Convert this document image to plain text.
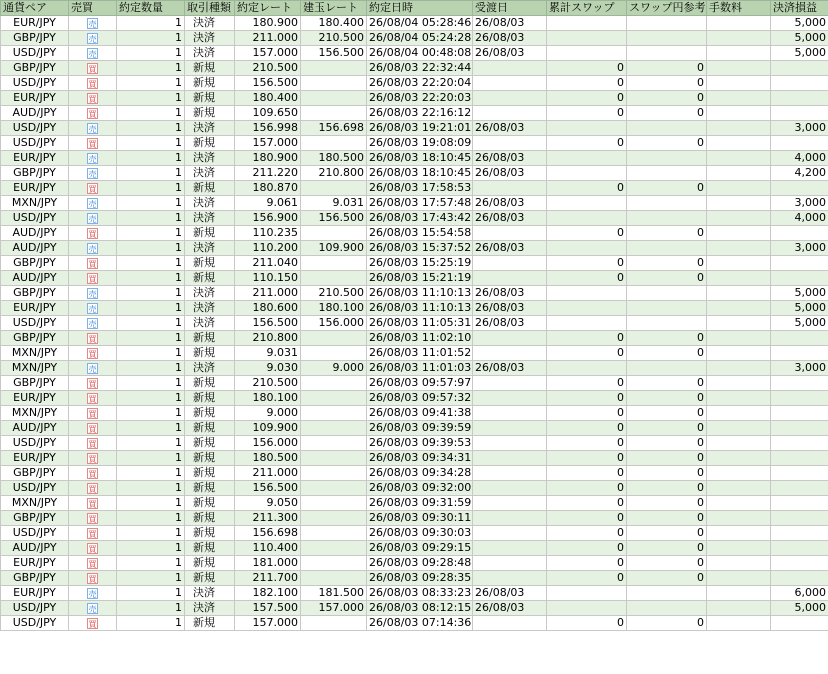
通貨ペア	売買	約定数量	取引種類	約定レート	建玉レート	約定日時	受渡日	累計スワップ	スワップ円参考	手数料	決済損益
EUR/JPY	売	1	決済	180.900	180.400	26/08/04 05:28:46	26/08/03				5,000
GBP/JPY	売	1	決済	211.000	210.500	26/08/04 05:24:28	26/08/03				5,000
USD/JPY	売	1	決済	157.000	156.500	26/08/04 00:48:08	26/08/03				5,000
GBP/JPY	買	1	新規	210.500		26/08/03 22:32:44		0	0		
USD/JPY	買	1	新規	156.500		26/08/03 22:20:04		0	0		
EUR/JPY	買	1	新規	180.400		26/08/03 22:20:03		0	0		
AUD/JPY	買	1	新規	109.650		26/08/03 22:16:12		0	0		
USD/JPY	売	1	決済	156.998	156.698	26/08/03 19:21:01	26/08/03				3,000
USD/JPY	買	1	新規	157.000		26/08/03 19:08:09		0	0		
EUR/JPY	売	1	決済	180.900	180.500	26/08/03 18:10:45	26/08/03				4,000
GBP/JPY	売	1	決済	211.220	210.800	26/08/03 18:10:45	26/08/03				4,200
EUR/JPY	買	1	新規	180.870		26/08/03 17:58:53		0	0		
MXN/JPY	売	1	決済	9.061	9.031	26/08/03 17:57:48	26/08/03				3,000
USD/JPY	売	1	決済	156.900	156.500	26/08/03 17:43:42	26/08/03				4,000
AUD/JPY	買	1	新規	110.235		26/08/03 15:54:58		0	0		
AUD/JPY	売	1	決済	110.200	109.900	26/08/03 15:37:52	26/08/03				3,000
GBP/JPY	買	1	新規	211.040		26/08/03 15:25:19		0	0		
AUD/JPY	買	1	新規	110.150		26/08/03 15:21:19		0	0		
GBP/JPY	売	1	決済	211.000	210.500	26/08/03 11:10:13	26/08/03				5,000
EUR/JPY	売	1	決済	180.600	180.100	26/08/03 11:10:13	26/08/03				5,000
USD/JPY	売	1	決済	156.500	156.000	26/08/03 11:05:31	26/08/03				5,000
GBP/JPY	買	1	新規	210.800		26/08/03 11:02:10		0	0		
MXN/JPY	買	1	新規	9.031		26/08/03 11:01:52		0	0		
MXN/JPY	売	1	決済	9.030	9.000	26/08/03 11:01:03	26/08/03				3,000
GBP/JPY	買	1	新規	210.500		26/08/03 09:57:97		0	0		
EUR/JPY	買	1	新規	180.100		26/08/03 09:57:32		0	0		
MXN/JPY	買	1	新規	9.000		26/08/03 09:41:38		0	0		
AUD/JPY	買	1	新規	109.900		26/08/03 09:39:59		0	0		
USD/JPY	買	1	新規	156.000		26/08/03 09:39:53		0	0		
EUR/JPY	買	1	新規	180.500		26/08/03 09:34:31		0	0		
GBP/JPY	買	1	新規	211.000		26/08/03 09:34:28		0	0		
USD/JPY	買	1	新規	156.500		26/08/03 09:32:00		0	0		
MXN/JPY	買	1	新規	9.050		26/08/03 09:31:59		0	0		
GBP/JPY	買	1	新規	211.300		26/08/03 09:30:11		0	0		
USD/JPY	買	1	新規	156.698		26/08/03 09:30:03		0	0		
AUD/JPY	買	1	新規	110.400		26/08/03 09:29:15		0	0		
EUR/JPY	買	1	新規	181.000		26/08/03 09:28:48		0	0		
GBP/JPY	買	1	新規	211.700		26/08/03 09:28:35		0	0		
EUR/JPY	売	1	決済	182.100	181.500	26/08/03 08:33:23	26/08/03				6,000
USD/JPY	売	1	決済	157.500	157.000	26/08/03 08:12:15	26/08/03				5,000
USD/JPY	買	1	新規	157.000		26/08/03 07:14:36		0	0		
